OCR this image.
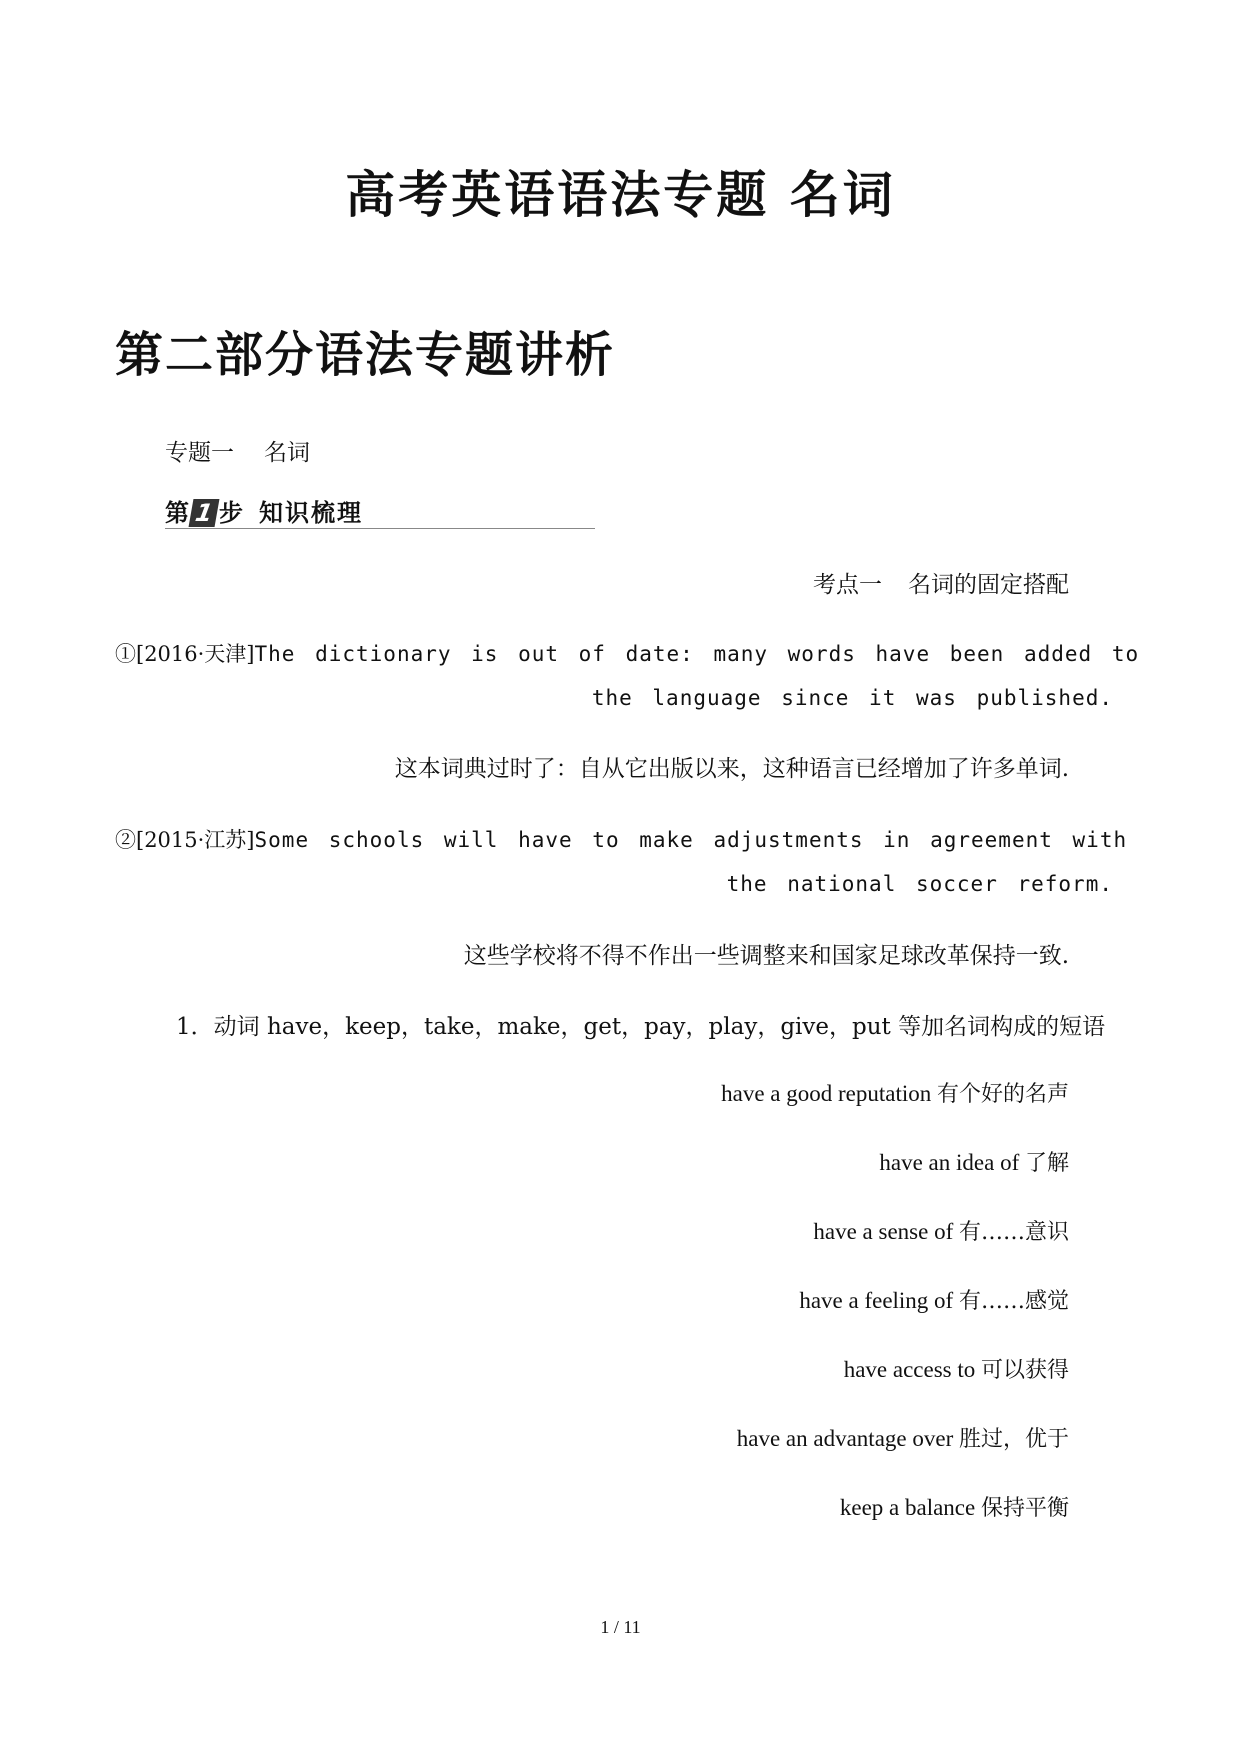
高考英语语法专题 名词
第二部分语法专题讲析
专题一 名词
第 1 步 知识梳理
考点一 名词的固定搭配
①[2016·天津]The dictionary is out of date: many words have been added to
the language since it was published.
这本词典过时了：自从它出版以来，这种语言已经增加了许多单词.
②[2015·江苏]Some schools will have to make adjustments in agreement with
the national soccer reform.
这些学校将不得不作出一些调整来和国家足球改革保持一致.
1．动词 have，keep，take，make，get，pay，play，give，put 等加名词构成的短语
have a good reputation 有个好的名声
have an idea of 了解
have a sense of 有……意识
have a feeling of 有……感觉
have access to 可以获得
have an advantage over 胜过，优于
keep a balance 保持平衡
1 / 11
